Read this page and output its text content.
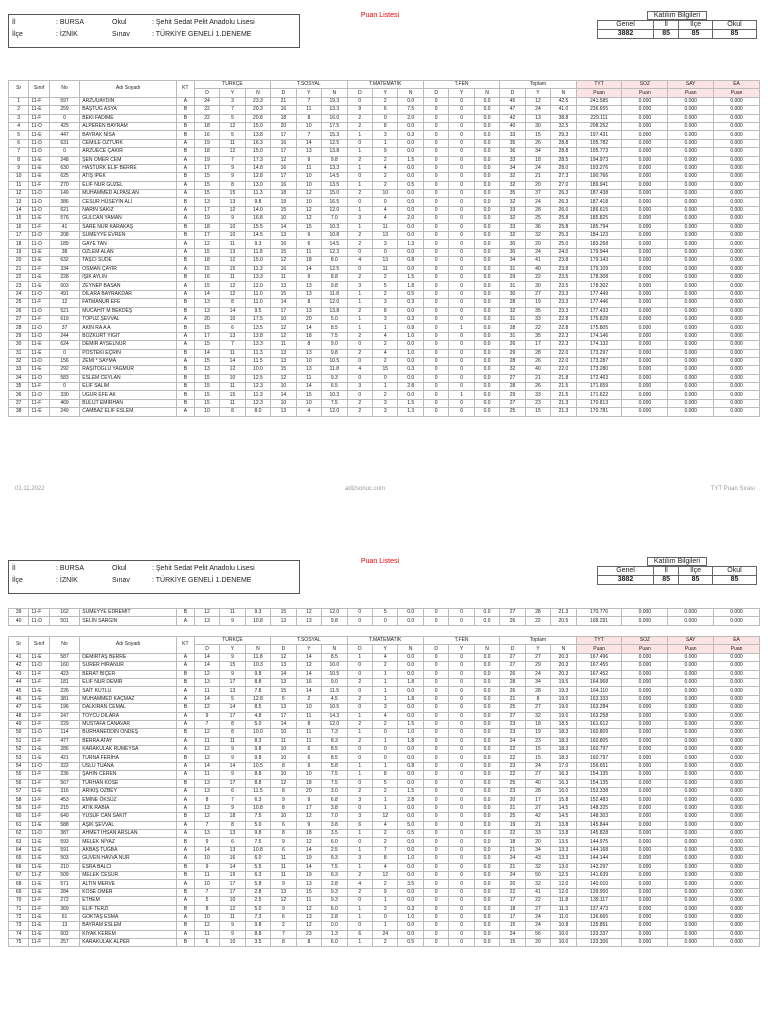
İl	: BURSA	Okul	: Şehit Sedat Pelit Anadolu Lisesi
İlçe	: İZNİK	Sınav	: TÜRKİYE GENELİ 1.DENEME
Puan Listesi	Katılım Bilgileri			
Genel	İl	İlçe	Okul
3882	85	85	85
Sr	Sınıf	No	Adı Soyadı	KT	TÜRKÇE			T.SOSYAL			T.MATEMATİK			T.FEN			Toplam			TYT	SOZ	SAY	EA
					D	Y	N	D	Y	N	D	Y	N	D	Y	N	D	Y	N	Puan	Puan	Puan	Puan
1	11-F	597	ARZUUAYDIN	A	24	3	23.3	21	7	19.3	0	2	0.0	0	0	0.0	45	12	42.5	241.585	0.000	0.000	0.000
2	11-E	259	BAŞTUĞ ASYA	B	22	7	20.3	16	11	13.3	9	6	7.5	0	0	0.0	47	24	41.0	236.655	0.000	0.000	0.000
3	11-F	0	BEKİ FADİME	B	22	5	20.8	18	8	16.0	2	0	2.0	0	0	0.0	42	13	38.8	229.111	0.000	0.000	0.000
4	11-D	425	ALPEREN BAYRAM	B	18	12	15.0	20	10	17.5	2	8	0.0	0	0	0.0	40	30	32.5	208.252	0.000	0.000	0.000
5	11-E	447	BAYRAK NİSA	B	16	5	13.8	17	7	15.3	1	3	0.3	0	0	0.0	33	15	29.3	197.431	0.000	0.000	0.000
6	11-D	631	CEMİLE ÖZTÜRK	A	19	11	16.3	16	14	12.5	0	1	0.0	0	0	0.0	35	26	28.8	195.782	0.000	0.000	0.000
7	11-D	0	ARZUECE ÇAKIR	B	18	12	15.0	17	13	13.8	1	9	0.0	0	0	0.0	36	34	28.8	195.773	0.000	0.000	0.000
8	11-E	248	ŞEN ÖMER CEM	A	19	7	17.3	12	9	9.8	2	2	1.5	0	0	0.0	33	18	28.5	194.973	0.000	0.000	0.000
9	11-E	630	HASTÜRK ELİF BERRE	A	17	9	14.8	16	11	13.3	1	4	0.0	0	0	0.0	34	24	28.0	193.276	0.000	0.000	0.000
10	11-E	625	ATIŞ İPEK	B	15	9	12.8	17	10	14.5	0	2	0.0	0	0	0.0	32	21	27.3	190.766	0.000	0.000	0.000
11	11-F	270	ELİF NUR GÜZEL	A	15	8	13.0	16	10	13.5	1	2	0.5	0	0	0.0	32	20	27.0	189.941	0.000	0.000	0.000
12	11-D	149	MUHAMMED ALPASLAN	A	15	15	11.3	18	12	15.0	2	10	0.0	0	0	0.0	35	37	26.3	187.438	0.000	0.000	0.000
13	11-D	386	CESUR HÜSEYİN ALİ	B	13	13	9.8	19	10	16.5	0	0	0.0	0	0	0.0	32	24	26.3	187.418	0.000	0.000	0.000
14	11-D	621	NARİN SAKIZ	A	17	12	14.0	15	12	12.0	1	4	0.0	0	0	0.0	33	28	26.0	186.615	0.000	0.000	0.000
15	11-E	576	GÜLCAN YAMAN	A	19	9	16.8	10	12	7.0	3	4	2.0	0	0	0.0	32	25	25.8	185.825	0.000	0.000	0.000
16	11-F	41	SARE NUR KARAKAŞ	B	18	10	15.5	14	15	10.3	1	11	0.0	0	0	0.0	33	36	25.8	185.794	0.000	0.000	0.000
17	11-D	208	SÜMEYYE EVREN	B	17	10	14.5	13	9	10.8	2	13	0.0	0	0	0.0	32	32	25.3	184.123	0.000	0.000	0.000
18	11-D	189	GAYE TAN	A	12	11	9.3	16	6	14.5	2	3	1.3	0	0	0.0	30	20	25.0	183.268	0.000	0.000	0.000
19	11-E	38	ÖZLEM ALAN	A	15	13	11.8	15	11	12.3	0	0	0.0	0	0	0.0	30	24	24.0	179.944	0.000	0.000	0.000
20	11-E	632	TAŞCI SUDE	B	18	12	15.0	12	18	8.0	4	13	0.8	0	0	0.0	34	41	23.8	179.143	0.000	0.000	0.000
21	11-F	334	OSMAN ÇAYIR	A	15	15	11.3	16	14	12.5	0	11	0.0	0	0	0.0	31	40	23.8	179.109	0.000	0.000	0.000
22	11-E	228	IŞIK AYLİN	B	16	11	13.3	11	9	8.8	2	2	1.5	0	0	0.0	29	22	23.5	178.308	0.000	0.000	0.000
23	11-E	603	ZEYNEP BASAN	A	15	12	12.0	13	13	9.8	3	5	1.8	0	0	0.0	31	30	23.5	178.302	0.000	0.000	0.000
24	11-D	491	DİLARA BAYRAKDAR	A	14	12	11.0	15	13	11.8	1	2	0.5	0	0	0.0	30	27	23.3	177.449	0.000	0.000	0.000
25	11-F	12	FATMANUR EFE	B	13	8	11.0	14	8	12.0	1	3	0.3	0	0	0.0	28	19	23.3	177.446	0.000	0.000	0.000
26	11-D	521	MÜCAHİT M BEKDEŞ	B	13	14	9.5	17	13	13.8	2	8	0.0	0	0	0.0	32	35	23.3	177.433	0.000	0.000	0.000
27	11-F	619	TOPUZ ŞEVVAL	A	20	10	17.5	10	20	5.0	1	3	0.3	0	0	0.0	31	33	22.8	175.828	0.000	0.000	0.000
28	11-D	37	AKIN RA A A	B	15	6	13.5	12	14	8.5	1	1	0.8	0	1	0.0	28	22	22.8	175.805	0.000	0.000	0.000
29	11-D	244	BOZKURT YİĞİT	A	17	13	13.8	12	18	7.5	2	4	1.0	0	0	0.0	31	35	22.3	174.146	0.000	0.000	0.000
30	11-E	624	DEMİR AYSELNUR	A	15	7	13.3	11	8	9.0	0	2	0.0	0	0	0.0	26	17	22.3	174.132	0.000	0.000	0.000
31	11-E	0	PÖSTEKİ EÇRİN	B	14	11	11.3	13	13	9.8	2	4	1.0	0	0	0.0	29	28	22.0	173.297	0.000	0.000	0.000
32	11-D	156	ZEMİ * SAYMA	A	15	14	11.5	13	10	10.5	0	2	0.0	0	0	0.0	28	26	22.0	173.287	0.000	0.000	0.000
33	11-E	292	RAŞİTOĞLU YAĞMUR	B	13	12	10.0	15	13	11.8	4	15	0.3	0	0	0.0	32	40	22.0	173.280	0.000	0.000	0.000
34	11-D	583	ESLEM CEYLAN	B	15	10	12.5	12	11	9.3	0	0	0.0	0	0	0.0	27	21	21.8	172.463	0.000	0.000	0.000
35	11-F	0	ELİF SALIM	B	15	11	12.3	10	14	6.5	3	1	2.8	0	0	0.0	28	26	21.5	171.659	0.000	0.000	0.000
36	11-D	330	UGUR EFE AK	B	15	15	11.3	14	15	10.3	0	2	0.0	0	1	0.0	29	33	21.5	171.622	0.000	0.000	0.000
37	11-F	469	BULUT EMİRHAN	B	15	11	12.3	10	10	7.5	2	3	1.5	0	0	0.0	27	23	21.3	170.813	0.000	0.000	0.000
38	11-E	249	CAMBAZ ELİF ESLEM	A	10	8	8.0	13	4	12.0	2	3	1.3	0	0	0.0	25	15	21.3	170.781	0.000	0.000	0.000
01.11.2022	adizsonuc.com	TYT Puan Sırası
İl	: BURSA	Okul	: Şehit Sedat Pelit Anadolu Lisesi
İlçe	: İZNİK	Sınav	: TÜRKİYE GENELİ 1.DENEME
Puan Listesi	Katılım Bilgileri			
Genel	İl	İlçe	Okul
3882	85	85	85
39	11-F	162	SÜMEYYE EDREMİT	B	12	11	9.3	15	12	12.0	0	5	0.0	0	0	0.0	27	28	21.3	170.776	0.000	0.000	0.000
40	11-D	501	SELİN SARGIN	A	13	9	10.8	13	13	9.8	0	0	0.0	0	0	0.0	26	22	20.5	168.291	0.000	0.000	0.000
Sr	Sınıf	No	Adı Soyadı	KT	TÜRKÇE			T.SOSYAL			T.MATEMATİK			T.FEN			Toplam			TYT	SOZ	SAY	EA
					D	Y	N	D	Y	N	D	Y	N	D	Y	N	D	Y	N	Puan	Puan	Puan	Puan
41	11-E	587	DEMİRTAŞ BERRE	A	14	9	11.8	12	14	8.5	1	4	0.0	0	0	0.0	27	27	20.3	167.496	0.000	0.000	0.000
42	11-D	160	SÜRER HİRANUR	A	14	15	10.3	13	12	10.0	0	2	0.0	0	0	0.0	27	29	20.3	167.455	0.000	0.000	0.000
43	11-F	423	BERAT BİÇER	B	12	9	9.8	14	14	10.5	0	1	0.0	0	0	0.0	26	24	20.3	167.452	0.000	0.000	0.000
44	11-F	181	ELİF NUR DEMİR	B	13	17	8.8	13	16	9.0	2	1	1.8	0	0	0.0	28	34	19.5	164.968	0.000	0.000	0.000
45	11-E	226	SAİT KUTLU	A	11	13	7.8	15	14	11.5	0	1	0.0	0	0	0.0	26	28	19.3	164.110	0.000	0.000	0.000
46	11-E	381	MUHAMMED KAÇMAZ	A	14	5	12.8	5	2	4.5	2	1	1.8	0	0	0.0	21	8	19.0	163.333	0.000	0.000	0.000
47	11-E	196	DALKIRAN CEMAL	B	12	14	8.5	13	10	10.5	0	3	0.0	0	0	0.0	25	27	19.0	163.284	0.000	0.000	0.000
48	11-F	247	TOYCU DİLARA	A	9	17	4.8	17	11	14.3	1	4	0.0	0	0	0.0	27	32	19.0	163.258	0.000	0.000	0.000
49	11-F	229	MUSTAFA CANAVAR	A	7	8	5.0	14	8	12.0	2	2	1.5	0	0	0.0	23	18	18.5	161.612	0.000	0.000	0.000
50	11-D	114	BURHANEDDİN ÖNDEŞ	B	12	8	10.0	10	11	7.3	1	0	1.0	0	0	0.0	23	19	18.3	160.809	0.000	0.000	0.000
51	11-F	477	BERRA ATAY	A	11	11	8.3	11	11	8.3	2	1	1.8	0	0	0.0	24	23	18.3	160.805	0.000	0.000	0.000
52	11-E	286	KARAKULAK RUMEYSA	A	12	9	9.8	10	6	8.5	0	0	0.0	0	0	0.0	22	15	18.3	160.797	0.000	0.000	0.000
53	11-E	421	TURNA FERİHA	B	12	9	9.8	10	6	8.5	0	0	0.0	0	0	0.0	22	15	18.3	160.797	0.000	0.000	0.000
54	11-D	322	USLU TUANA	A	14	14	10.5	8	9	5.8	1	1	0.8	0	0	0.0	23	24	17.0	156.651	0.000	0.000	0.000
55	11-F	236	ŞAHİN CEREN	A	11	9	8.8	10	10	7.5	1	8	0.0	0	0	0.0	22	27	16.3	154.135	0.000	0.000	0.000
56	11-F	567	TURHAN KÖSE	B	13	17	8.8	12	18	7.5	0	5	0.0	0	0	0.0	25	40	16.3	154.135	0.000	0.000	0.000
57	11-E	316	ARIKIŞ ÖZBEY	A	13	6	11.5	8	20	3.0	2	2	1.5	0	0	0.0	23	28	16.0	153.338	0.000	0.000	0.000
58	11-F	453	EMİNE ÖKSÜZ	A	8	7	6.3	9	9	6.8	3	1	2.8	0	0	0.0	20	17	15.8	152.483	0.000	0.000	0.000
59	11-F	215	ATİK RABİA	A	13	9	10.8	8	17	3.8	0	1	0.0	0	0	0.0	21	27	14.5	148.325	0.000	0.000	0.000
60	11-F	640	YUSUF CAN SAKIT	B	12	18	7.5	10	12	7.0	3	12	0.0	0	0	0.0	25	42	14.5	148.303	0.000	0.000	0.000
61	11-E	588	AŞIK ŞEVVAL	A	7	8	5.0	6	9	3.8	6	4	5.0	0	0	0.0	19	21	13.8	145.844	0.000	0.000	0.000
62	11-D	387	AHMET İHSAN ARSLAN	A	13	13	9.8	8	18	3.5	1	2	0.5	0	0	0.0	22	33	13.8	145.828	0.000	0.000	0.000
63	11-E	593	MELEK NİYAZ	B	9	6	7.5	9	12	6.0	0	2	0.0	0	0	0.0	18	20	13.5	144.975	0.000	0.000	0.000
64	11-E	591	AKBAŞ TUĞBA	A	14	13	10.8	6	14	2.5	1	7	0.0	0	0	0.0	21	34	13.3	144.168	0.000	0.000	0.000
65	11-E	503	GÜVEN HAVVA NUR	A	10	16	6.0	11	19	6.3	3	8	1.0	0	0	0.0	24	43	13.3	144.144	0.000	0.000	0.000
66	11-E	210	ESRA BALCI	B	9	14	5.5	11	14	7.5	1	4	0.0	0	0	0.0	21	32	13.0	143.297	0.000	0.000	0.000
67	11-Z	509	MELEK CESUR	B	11	19	6.3	11	19	6.3	2	12	0.0	0	0	0.0	24	50	12.5	141.639	0.000	0.000	0.000
68	11-E	571	ALTIN MERVE	A	10	17	5.8	9	13	2.8	4	2	3.5	0	0	0.0	20	32	12.0	140.010	0.000	0.000	0.000
69	11-E	284	KÖSE ÖMER	B	7	17	2.8	13	15	9.3	2	9	0.0	0	0	0.0	22	41	12.0	139.950	0.000	0.000	0.000
70	11-F	272	ETHEM	A	5	10	2.5	12	11	9.3	0	1	0.0	0	0	0.0	17	22	11.8	139.117	0.000	0.000	0.000
71	11-F	369	ELİF TERZİ	B	8	12	5.0	9	12	6.0	1	3	0.3	0	0	0.0	18	27	11.3	137.473	0.000	0.000	0.000
72	11-E	61	GÖKTAŞ ESMA	A	10	11	7.3	6	13	2.8	1	0	1.0	0	0	0.0	17	24	11.0	136.665	0.000	0.000	0.000
73	11-E	13	BAYRAM ESLEM	B	12	9	9.8	2	12	0.0	0	1	0.0	0	0	0.0	15	24	10.8	135.851	0.000	0.000	0.000
74	11-E	602	KIYAK KEREM	A	11	9	8.8	7	23	1.3	6	24	0.0	0	0	0.0	24	56	10.0	133.337	0.000	0.000	0.000
75	11-F	257	KARAKULAK ALPER	B	6	10	3.5	8	8	6.0	1	2	0.5	0	0	0.0	15	20	10.0	133.306	0.000	0.000	0.000
